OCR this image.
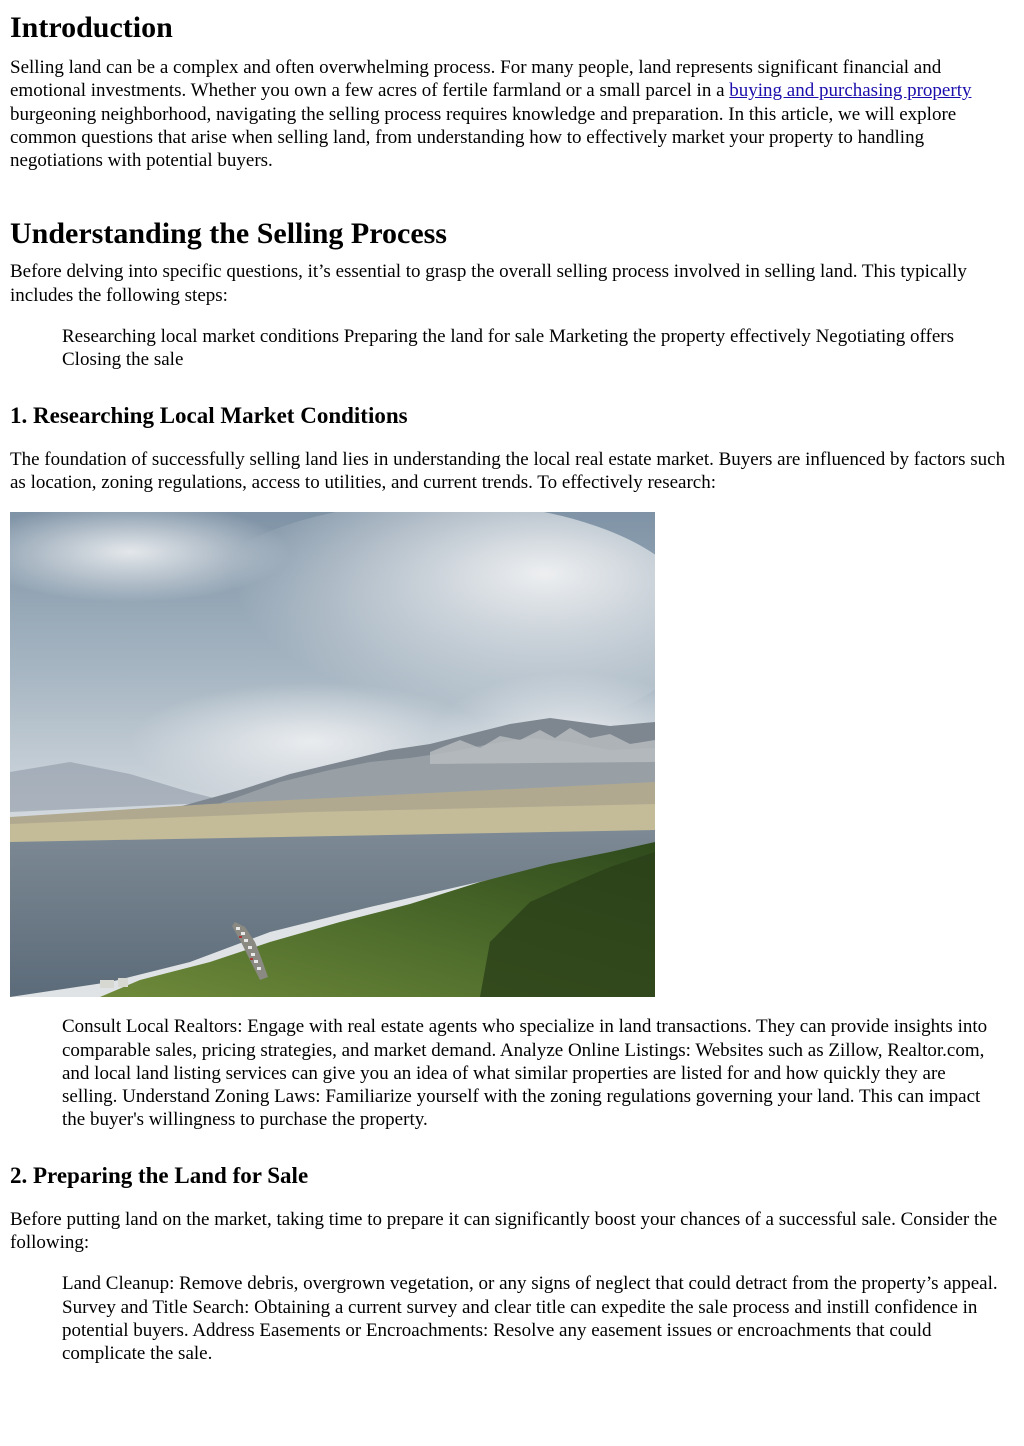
Introduction

Selling land can be a complex and often overwhelming process. For many people, land represents significant financial and emotional investments. Whether you own a few acres of fertile farmland or a small parcel in a buying and purchasing property burgeoning neighborhood, navigating the selling process requires knowledge and preparation. In this article, we will explore common questions that arise when selling land, from understanding how to effectively market your property to handling negotiations with potential buyers.

Understanding the Selling Process

Before delving into specific questions, it’s essential to grasp the overall selling process involved in selling land. This typically includes the following steps:

Researching local market conditions Preparing the land for sale Marketing the property effectively Negotiating offers Closing the sale
1. Researching Local Market Conditions

The foundation of successfully selling land lies in understanding the local real estate market. Buyers are influenced by factors such as location, zoning regulations, access to utilities, and current trends. To effectively research:

Consult Local Realtors: Engage with real estate agents who specialize in land transactions. They can provide insights into comparable sales, pricing strategies, and market demand. Analyze Online Listings: Websites such as Zillow, Realtor.com, and local land listing services can give you an idea of what similar properties are listed for and how quickly they are selling. Understand Zoning Laws: Familiarize yourself with the zoning regulations governing your land. This can impact the buyer's willingness to purchase the property.
2. Preparing the Land for Sale

Before putting land on the market, taking time to prepare it can significantly boost your chances of a successful sale. Consider the following:

Land Cleanup: Remove debris, overgrown vegetation, or any signs of neglect that could detract from the property’s appeal. Survey and Title Search: Obtaining a current survey and clear title can expedite the sale process and instill confidence in potential buyers. Address Easements or Encroachments: Resolve any easement issues or encroachments that could complicate the sale.
